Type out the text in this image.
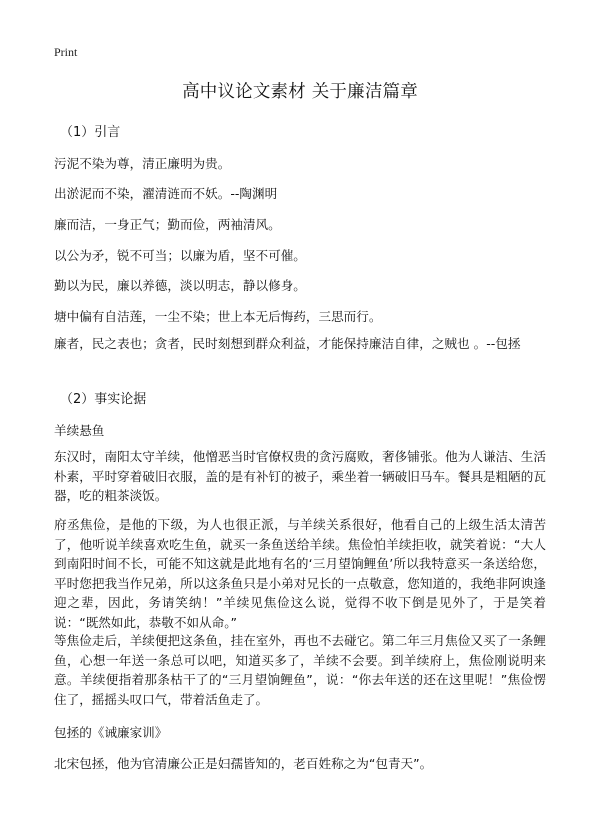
Print
高中议论文素材 关于廉洁篇章
（1）引言
污泥不染为尊，清正廉明为贵。
出淤泥而不染，濯清涟而不妖。--陶渊明
廉而洁，一身正气；勤而俭，两袖清风。
以公为矛，锐不可当；以廉为盾，坚不可催。
勤以为民，廉以养德，淡以明志，静以修身。
塘中偏有自洁莲，一尘不染；世上本无后悔药，三思而行。
廉者，民之表也；贪者，民时刻想到群众利益，才能保持廉洁自律，之贼也 。--包拯
（2）事实论据
羊续悬鱼
东汉时，南阳太守羊续，他憎恶当时官僚权贵的贪污腐败，奢侈铺张。他为人谦洁、生活朴素，平时穿着破旧衣服，盖的是有补钉的被子，乘坐着一辆破旧马车。餐具是粗陋的瓦器，吃的粗茶淡饭。
府丞焦俭，是他的下级，为人也很正派，与羊续关系很好，他看自己的上级生活太清苦了，他听说羊续喜欢吃生鱼，就买一条鱼送给羊续。焦俭怕羊续拒收，就笑着说：“大人到南阳时间不长，可能不知这就是此地有名的‘三月望饷鲤鱼’所以我特意买一条送给您，平时您把我当作兄弟，所以这条鱼只是小弟对兄长的一点敬意，您知道的，我绝非阿谀逢迎之辈，因此，务请笑纳！”羊续见焦俭这么说，觉得不收下倒是见外了，于是笑着说：“既然如此，恭敬不如从命。”
等焦俭走后，羊续便把这条鱼，挂在室外，再也不去碰它。第二年三月焦俭又买了一条鲤鱼，心想一年送一条总可以吧，知道买多了，羊续不会要。到羊续府上，焦俭刚说明来意。羊续便指着那条枯干了的“三月望饷鲤鱼”，说：“你去年送的还在这里呢！”焦俭愣住了，摇摇头叹口气，带着活鱼走了。
包拯的《诫廉家训》
北宋包拯，他为官清廉公正是妇孺皆知的，老百姓称之为“包青天”。
